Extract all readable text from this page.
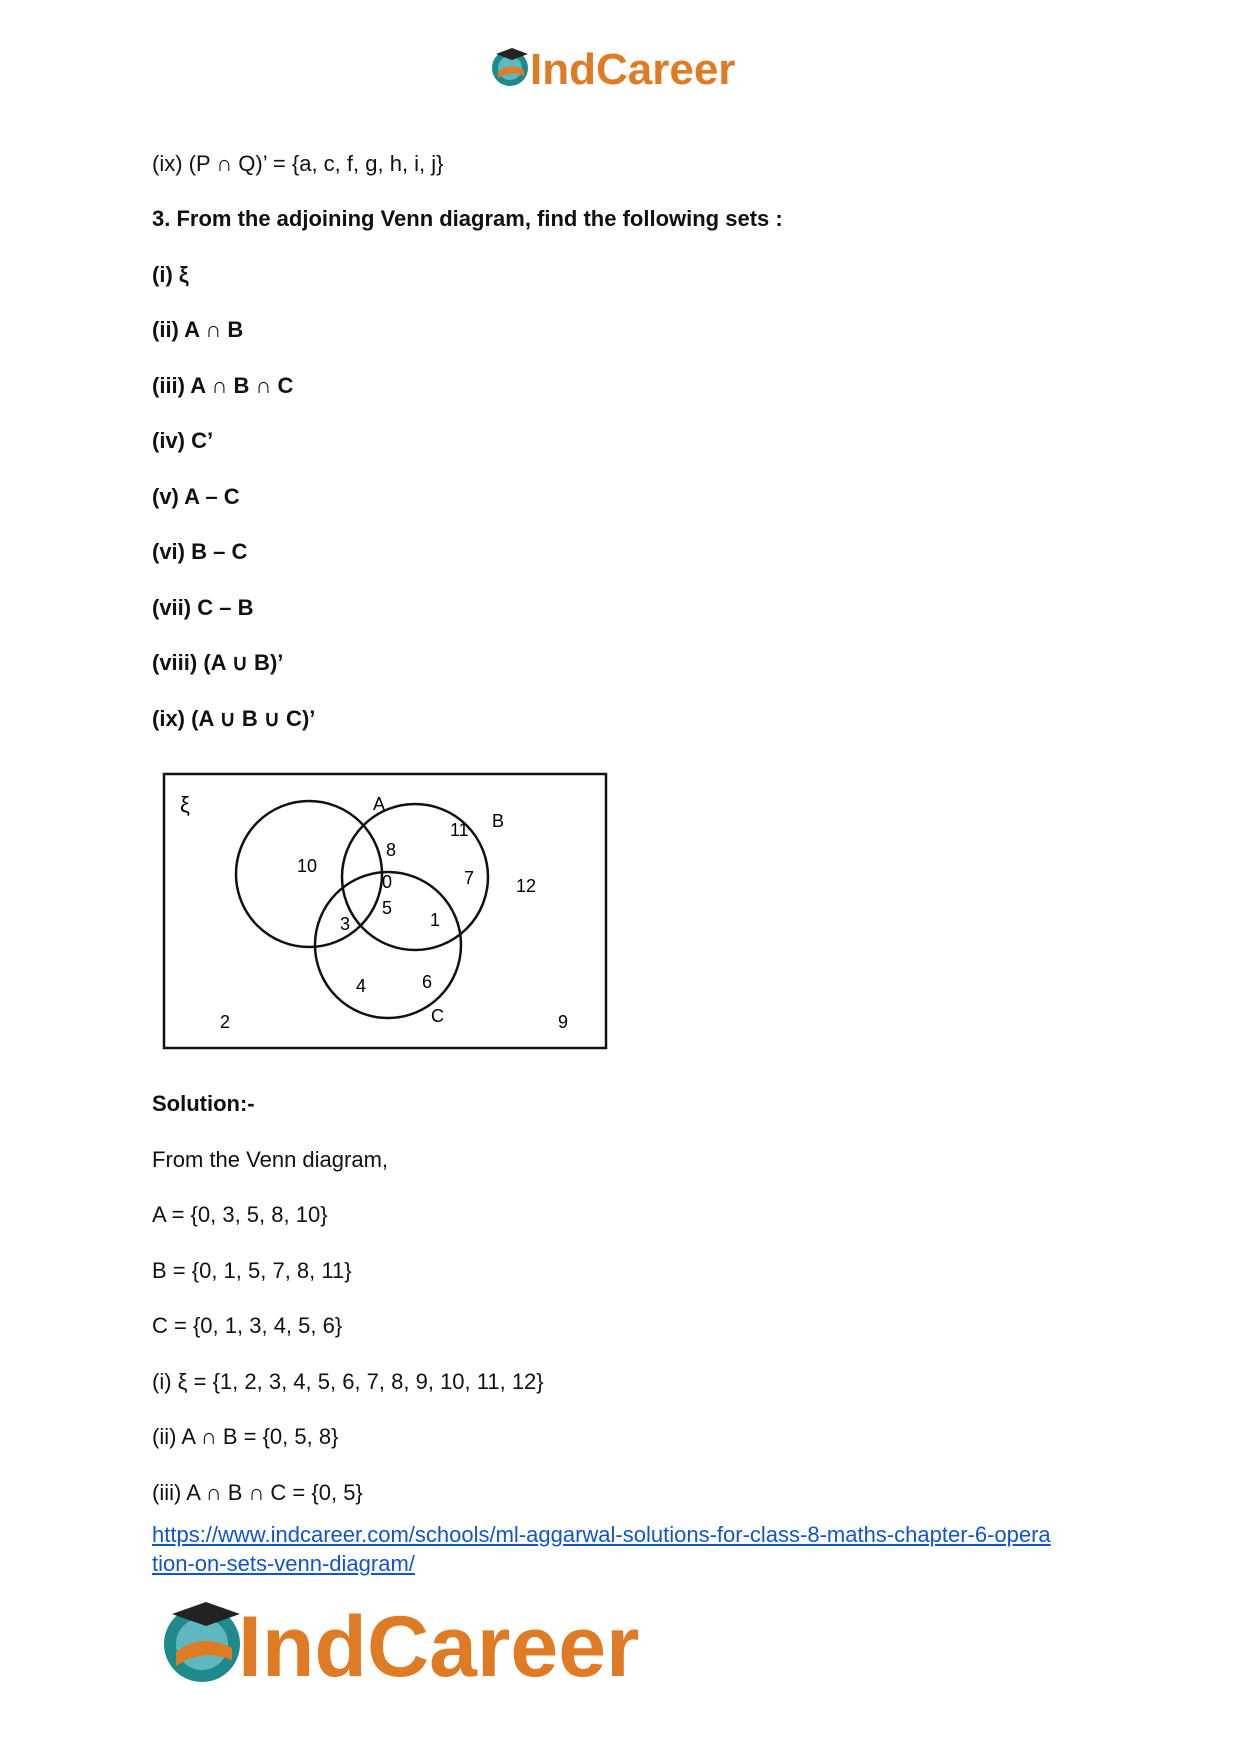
IndCareer

(ix) (P ∩ Q)’ = {a, c, f, g, h, i, j}

3. From the adjoining Venn diagram, find the following sets :

(i) ξ

(ii) A ∩ B

(iii) A ∩ B ∩ C

(iv) C’

(v) A – C

(vi) B – C

(vii) C – B

(viii) (A ∪ B)’

(ix) (A ∪ B ∪ C)’

ξ	A
B
C
10
8
11
7
0
5
3	1
4	6
2	9
12

Solution:-

From the Venn diagram,

A = {0, 3, 5, 8, 10}

B = {0, 1, 5, 7, 8, 11}

C = {0, 1, 3, 4, 5, 6}

(i) ξ = {1, 2, 3, 4, 5, 6, 7, 8, 9, 10, 11, 12}

(ii) A ∩ B = {0, 5, 8}

(iii) A ∩ B ∩ C = {0, 5}

https://www.indcareer.com/schools/ml-aggarwal-solutions-for-class-8-maths-chapter-6-opera
tion-on-sets-venn-diagram/
IndCareer
